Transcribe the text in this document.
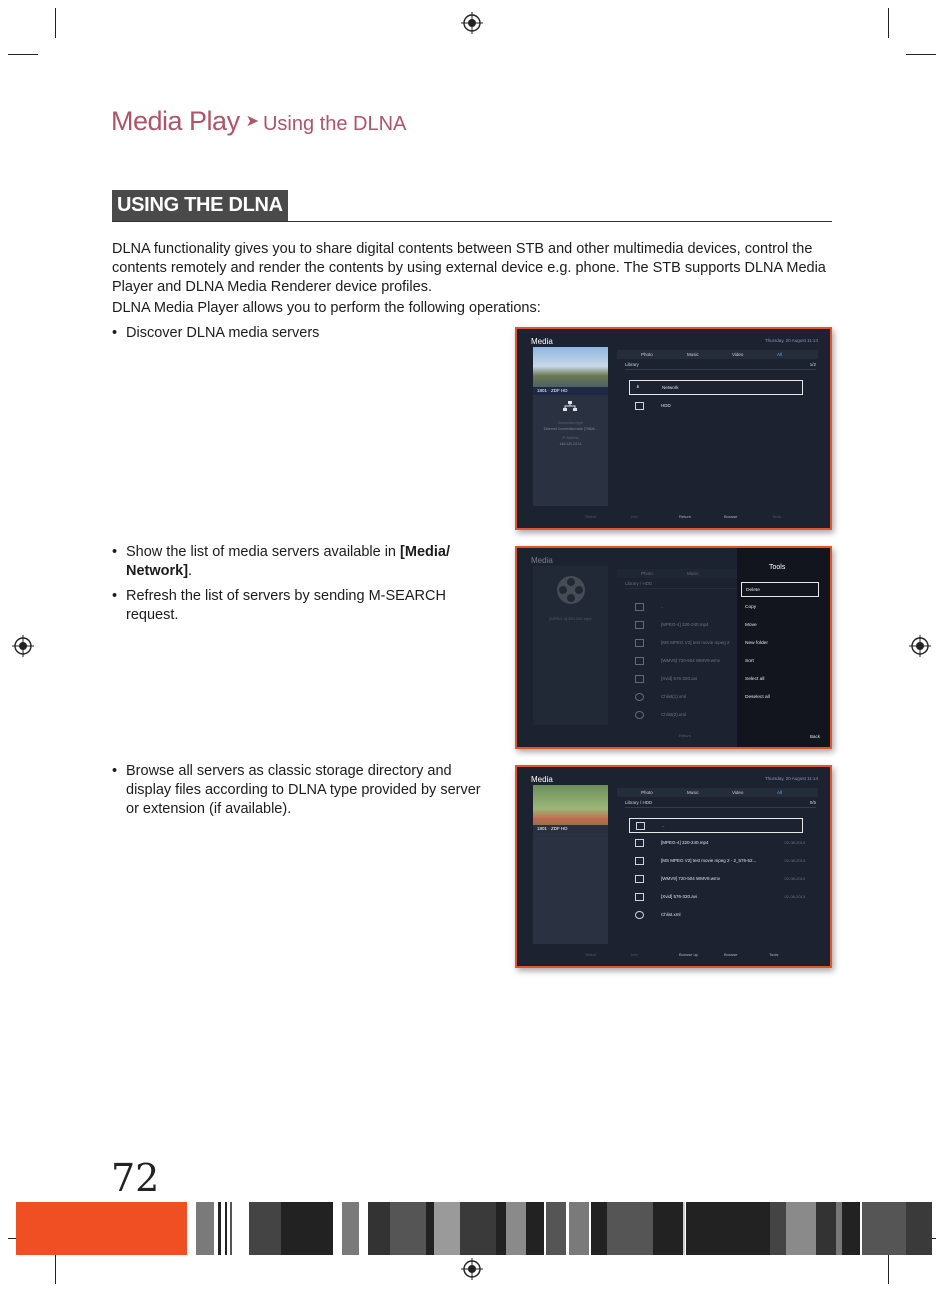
Media Play ➤ Using the DLNA
USING THE DLNA

DLNA functionality gives you to share digital contents between STB and other multimedia devices, control the contents remotely and render the contents by using external device e.g. phone. The STB supports DLNA Media Player and DLNA Media Renderer device profiles.

DLNA Media Player allows you to perform the following operations:

• Discover DLNA media servers
• Show the list of media servers available in [Media/ Network].
• Refresh the list of servers by sending M-SEARCH request.
• Browse all servers as classic storage directory and display files according to DLNA type provided by server or extension (if available).
Media	Thursday, 20 August 11:14
1801 · ZDF HD
Connection type
Ethernet Connection with [73808...
IP Address
146.120.24.11
Photo	Music	Video	All
Library	1/2
⋔	Network
HDD
Select	Info	Return	Browse	Tools
Media
[MPEG-4] 320-240.mp4
Photo	Music
Library / HDD
..
[MPEG-4] 320-240.mp4
[MS MPEG V2] test movie mpeg 2
[WMV9] 720-504 WMV9.wmv
[Xvid] 576-320.avi
Chlist(1).xml
Chlist(2).xml
Return
Tools
Delete
Copy
Move
New folder
Sort
Select all
Deselect all
Back
Media	Thursday, 20 August 11:14
1801 · ZDF HD
Photo	Music	Video	All
Library / HDD	0/5
..
[MPEG-4] 320-240.mp4	02-08-2013
[MS MPEG V2] test movie mpeg 2 - 2_576-52...	02-08-2013
[WMV9] 720-504 WMV9.wmv	02-08-2013
[Xvid] 576-320.avi	02-08-2013
Chlist.xml
Select	Info	Browse up	Browse	Tools
72
